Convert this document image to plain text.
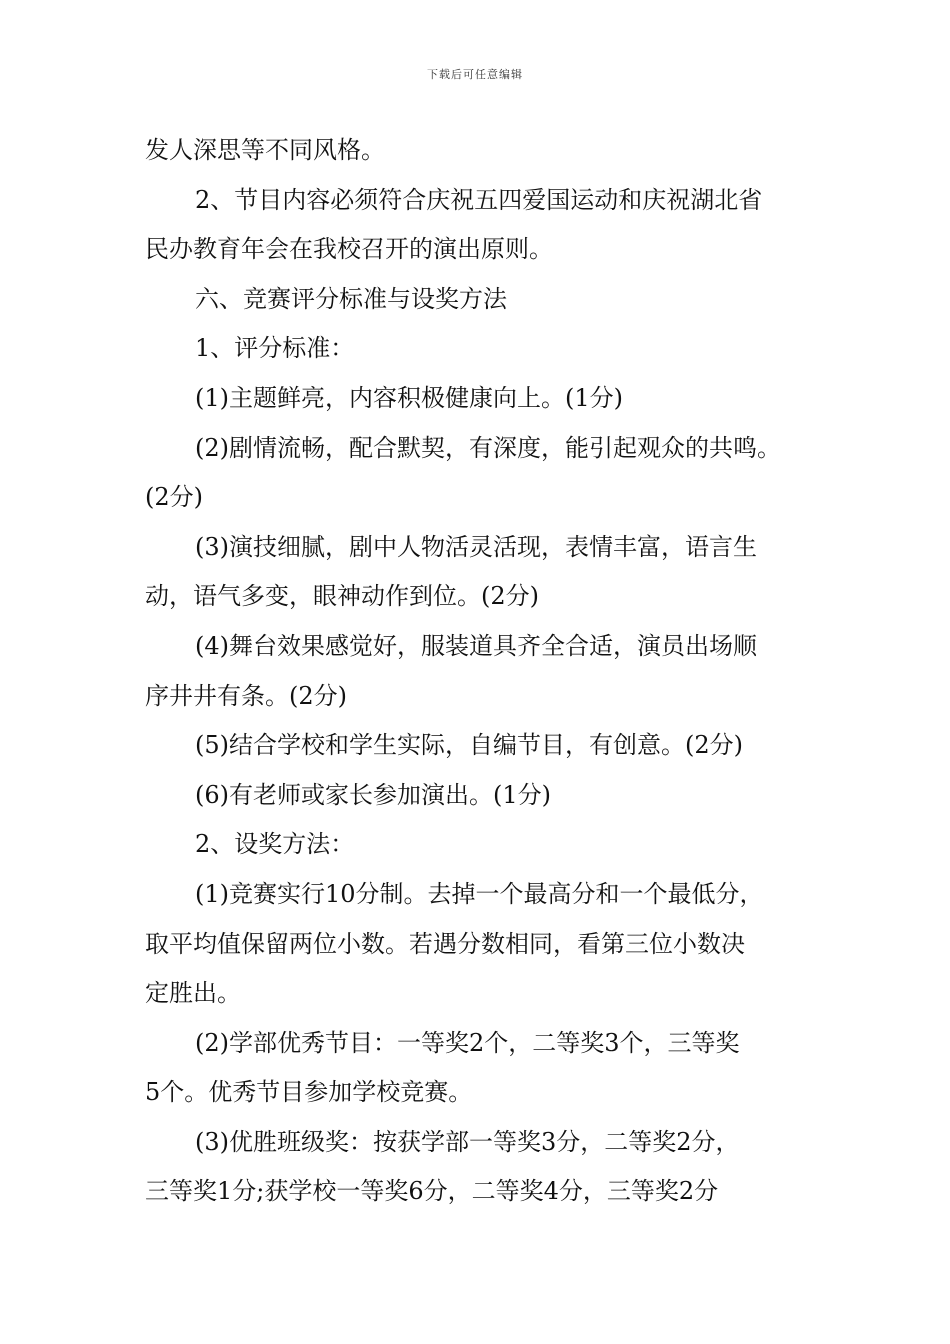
下载后可任意编辑
发人深思等不同风格。
2、节目内容必须符合庆祝五四爱国运动和庆祝湖北省
民办教育年会在我校召开的演出原则。
六、竞赛评分标准与设奖方法
1、评分标准：
(1)主题鲜亮，内容积极健康向上。(1分)
(2)剧情流畅，配合默契，有深度，能引起观众的共鸣。
(2分)
(3)演技细腻，剧中人物活灵活现，表情丰富，语言生
动，语气多变，眼神动作到位。(2分)
(4)舞台效果感觉好，服装道具齐全合适，演员出场顺
序井井有条。(2分)
(5)结合学校和学生实际，自编节目，有创意。(2分)
(6)有老师或家长参加演出。(1分)
2、设奖方法：
(1)竞赛实行10分制。去掉一个最高分和一个最低分，
取平均值保留两位小数。若遇分数相同，看第三位小数决
定胜出。
(2)学部优秀节目：一等奖2个，二等奖3个，三等奖
5个。优秀节目参加学校竞赛。
(3)优胜班级奖：按获学部一等奖3分，二等奖2分，
三等奖1分;获学校一等奖6分，二等奖4分，三等奖2分
